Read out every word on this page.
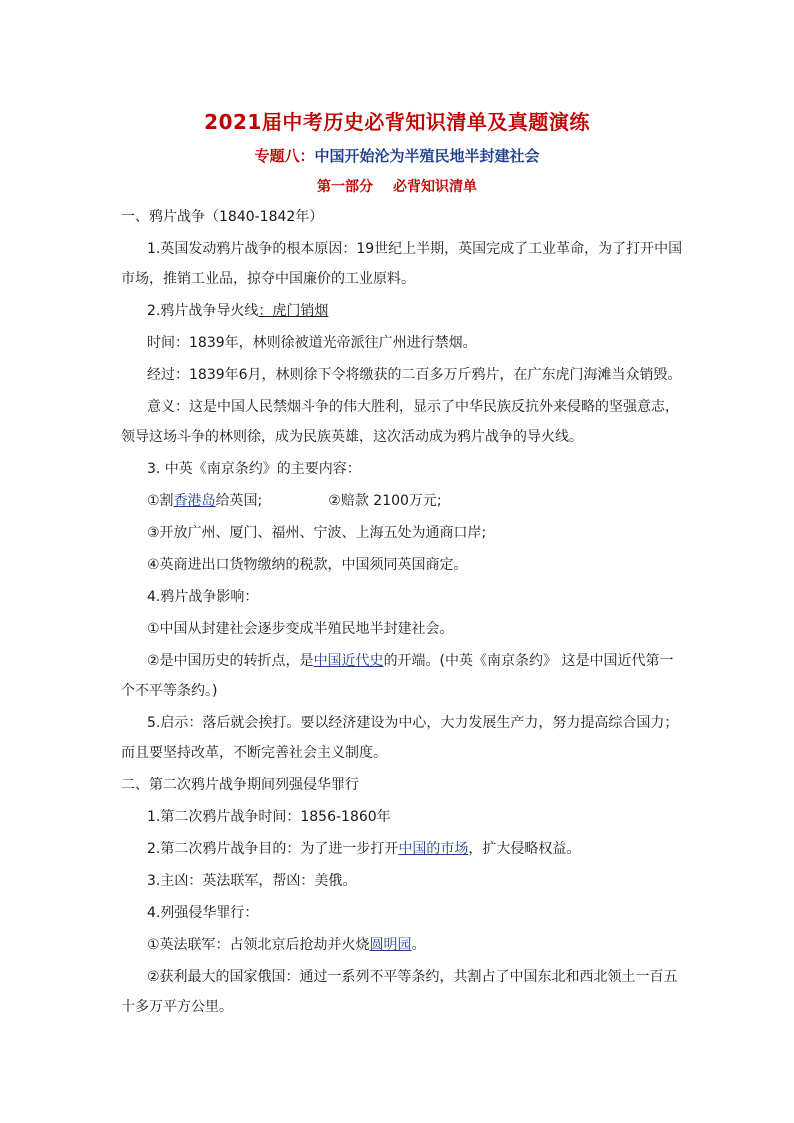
2021届中考历史必背知识清单及真题演练
专题八：中国开始沦为半殖民地半封建社会
第一部分 必背知识清单
一、鸦片战争（1840-1842年）
1.英国发动鸦片战争的根本原因：19世纪上半期，英国完成了工业革命，为了打开中国
市场，推销工业品，掠夺中国廉价的工业原料。
2.鸦片战争导火线：虎门销烟
时间：1839年，林则徐被道光帝派往广州进行禁烟。
经过：1839年6月，林则徐下令将缴获的二百多万斤鸦片，在广东虎门海滩当众销毁。
意义：这是中国人民禁烟斗争的伟大胜利，显示了中华民族反抗外来侵略的坚强意志，
领导这场斗争的林则徐，成为民族英雄，这次活动成为鸦片战争的导火线。
3. 中英《南京条约》的主要内容：
①割香港岛给英国;	②赔款 2100万元;
③开放广州、厦门、福州、宁波、上海五处为通商口岸;
④英商进出口货物缴纳的税款，中国须同英国商定。
4.鸦片战争影响：
①中国从封建社会逐步变成半殖民地半封建社会。
②是中国历史的转折点，是中国近代史的开端。(中英《南京条约》 这是中国近代第一
个不平等条约。)
5.启示：落后就会挨打。要以经济建设为中心，大力发展生产力，努力提高综合国力；
而且要坚持改革，不断完善社会主义制度。
二、第二次鸦片战争期间列强侵华罪行
1.第二次鸦片战争时间：1856-1860年
2.第二次鸦片战争目的：为了进一步打开中国的市场，扩大侵略权益。
3.主凶：英法联军，帮凶：美俄。
4.列强侵华罪行：
①英法联军：占领北京后抢劫并火烧圆明园。
②获利最大的国家俄国：通过一系列不平等条约，共割占了中国东北和西北领土一百五
十多万平方公里。
